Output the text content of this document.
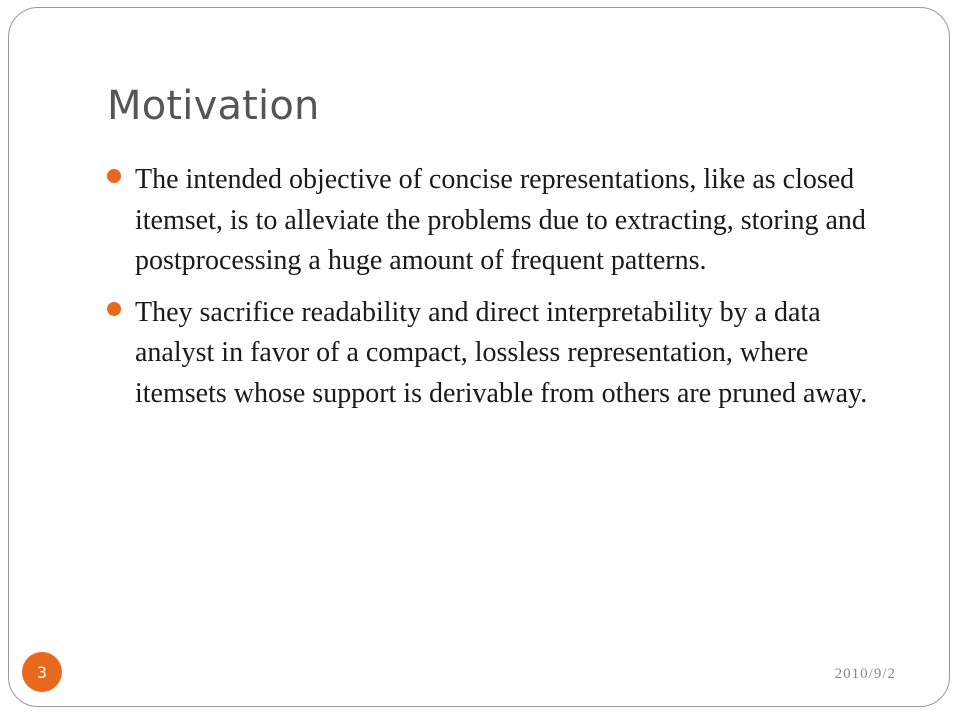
Motivation
The intended objective of concise representations, like as closed itemset, is to alleviate the problems due to extracting, storing and postprocessing a huge amount of frequent patterns.
They sacrifice readability and direct interpretability by a data analyst in favor of a compact, lossless representation, where itemsets whose support is derivable from others are pruned away.
3	2010/9/2
